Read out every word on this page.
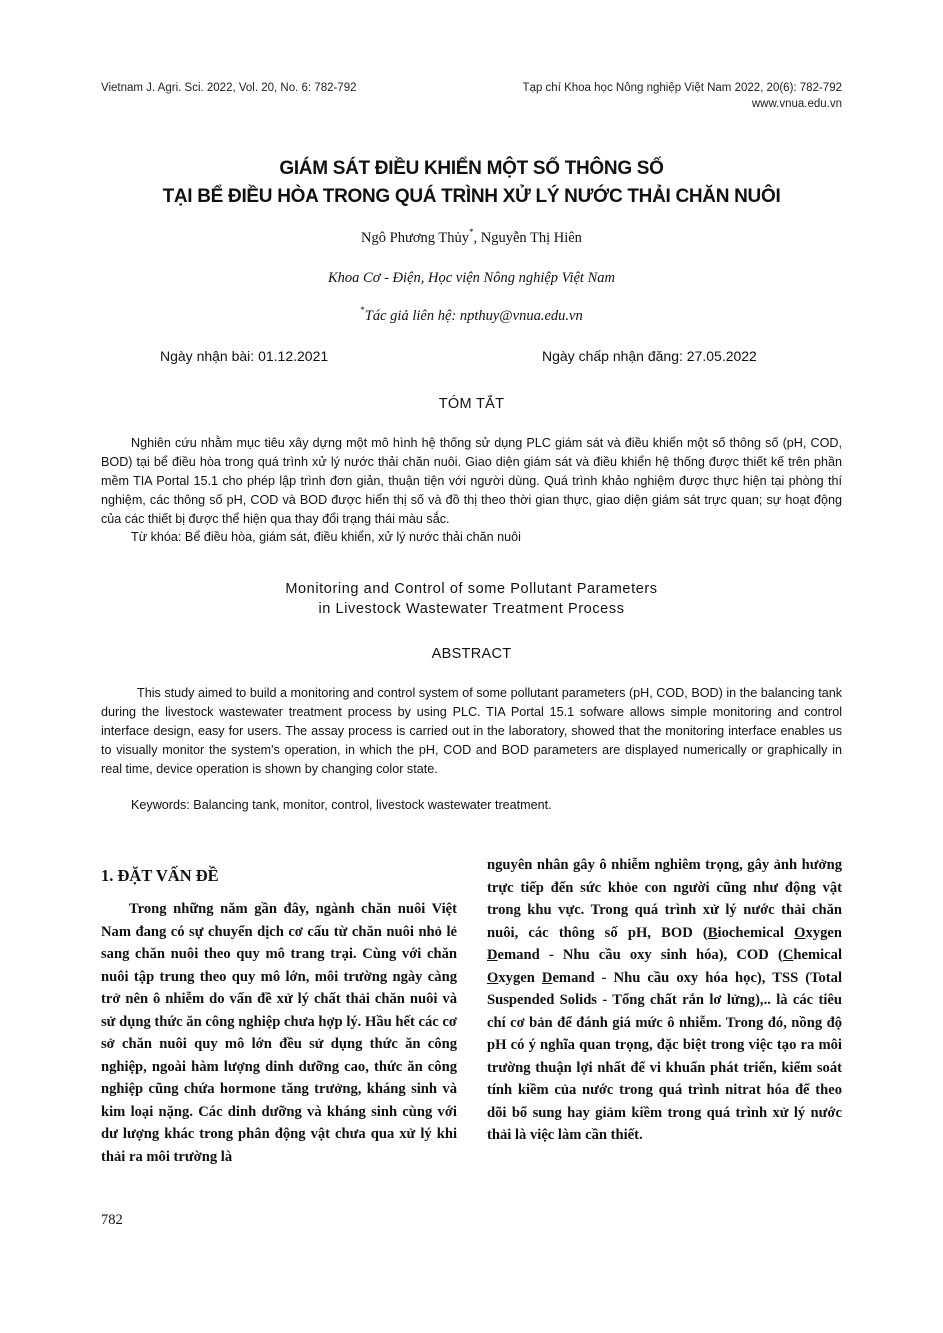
Vietnam J. Agri. Sci. 2022, Vol. 20, No. 6: 782-792	Tạp chí Khoa học Nông nghiệp Việt Nam 2022, 20(6): 782-792
www.vnua.edu.vn
GIÁM SÁT ĐIỀU KHIỂN MỘT SỐ THÔNG SỐ
TẠI BỂ ĐIỀU HÒA TRONG QUÁ TRÌNH XỬ LÝ NƯỚC THẢI CHĂN NUÔI
Ngô Phương Thủy*, Nguyễn Thị Hiên
Khoa Cơ - Điện, Học viện Nông nghiệp Việt Nam
*Tác giả liên hệ: npthuy@vnua.edu.vn
Ngày nhận bài: 01.12.2021	Ngày chấp nhận đăng: 27.05.2022
TÓM TẮT
Nghiên cứu nhằm mục tiêu xây dựng một mô hình hệ thống sử dụng PLC giám sát và điều khiển một số thông số (pH, COD, BOD) tại bể điều hòa trong quá trình xử lý nước thải chăn nuôi. Giao diện giám sát và điều khiển hệ thống được thiết kế trên phần mềm TIA Portal 15.1 cho phép lập trình đơn giản, thuận tiện với người dùng. Quá trình khảo nghiệm được thực hiện tại phòng thí nghiệm, các thông số pH, COD và BOD được hiển thị số và đồ thị theo thời gian thực, giao diện giám sát trực quan; sự hoạt động của các thiết bị được thể hiện qua thay đổi trạng thái màu sắc.
Từ khóa: Bể điều hòa, giám sát, điều khiển, xử lý nước thải chăn nuôi
Monitoring and Control of some Pollutant Parameters
in Livestock Wastewater Treatment Process
ABSTRACT
This study aimed to build a monitoring and control system of some pollutant parameters (pH, COD, BOD) in the balancing tank during the livestock wastewater treatment process by using PLC. TIA Portal 15.1 sofware allows simple monitoring and control interface design, easy for users. The assay process is carried out in the laboratory, showed that the monitoring interface enables us to visually monitor the system's operation, in which the pH, COD and BOD parameters are displayed numerically or graphically in real time, device operation is shown by changing color state.
Keywords: Balancing tank, monitor, control, livestock wastewater treatment.
1. ĐẶT VẤN ĐỀ
Trong những năm gần đây, ngành chăn nuôi Việt Nam đang có sự chuyển dịch cơ cấu từ chăn nuôi nhỏ lẻ sang chăn nuôi theo quy mô trang trại. Cùng với chăn nuôi tập trung theo quy mô lớn, môi trường ngày càng trở nên ô nhiễm do vấn đề xử lý chất thải chăn nuôi và sử dụng thức ăn công nghiệp chưa hợp lý. Hầu hết các cơ sở chăn nuôi quy mô lớn đều sử dụng thức ăn công nghiệp, ngoài hàm lượng dinh dưỡng cao, thức ăn công nghiệp cũng chứa hormone tăng trưởng, kháng sinh và kim loại nặng. Các dinh dưỡng và kháng sinh cùng với dư lượng khác trong phân động vật chưa qua xử lý khi thải ra môi trường là
nguyên nhân gây ô nhiễm nghiêm trọng, gây ảnh hưởng trực tiếp đến sức khỏe con người cũng như động vật trong khu vực. Trong quá trình xử lý nước thải chăn nuôi, các thông số pH, BOD (Biochemical Oxygen Demand - Nhu cầu oxy sinh hóa), COD (Chemical Oxygen Demand - Nhu cầu oxy hóa học), TSS (Total Suspended Solids - Tổng chất rắn lơ lửng),.. là các tiêu chí cơ bản để đánh giá mức ô nhiễm. Trong đó, nồng độ pH có ý nghĩa quan trọng, đặc biệt trong việc tạo ra môi trường thuận lợi nhất để vi khuẩn phát triển, kiểm soát tính kiềm của nước trong quá trình nitrat hóa để theo dõi bổ sung hay giảm kiềm trong quá trình xử lý nước thải là việc làm cần thiết.
782
